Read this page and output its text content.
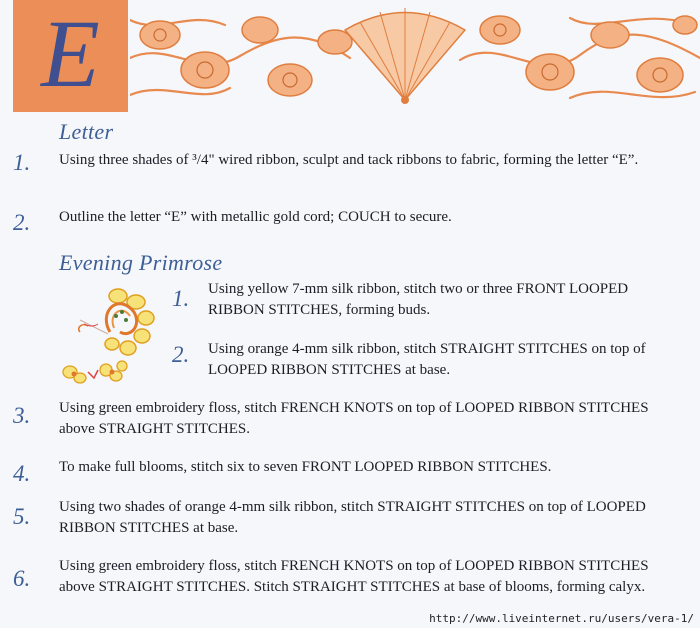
E
Letter
1. Using three shades of ³/4" wired ribbon, sculpt and tack ribbons to fabric, forming the letter “E”.
2. Outline the letter “E” with metallic gold cord; COUCH to secure.
Evening Primrose
1. Using yellow 7-mm silk ribbon, stitch two or three FRONT LOOPED RIBBON STITCHES, forming buds.
2. Using orange 4-mm silk ribbon, stitch STRAIGHT STITCHES on top of LOOPED RIBBON STITCHES at base.
3. Using green embroidery floss, stitch FRENCH KNOTS on top of LOOPED RIBBON STITCHES above STRAIGHT STITCHES.
4. To make full blooms, stitch six to seven FRONT LOOPED RIBBON STITCHES.
5. Using two shades of orange 4-mm silk ribbon, stitch STRAIGHT STITCHES on top of LOOPED RIBBON STITCHES at base.
6. Using green embroidery floss, stitch FRENCH KNOTS on top of LOOPED RIBBON STITCHES above STRAIGHT STITCHES. Stitch STRAIGHT STITCHES at base of blooms, forming calyx.
http://www.liveinternet.ru/users/vera-1/
